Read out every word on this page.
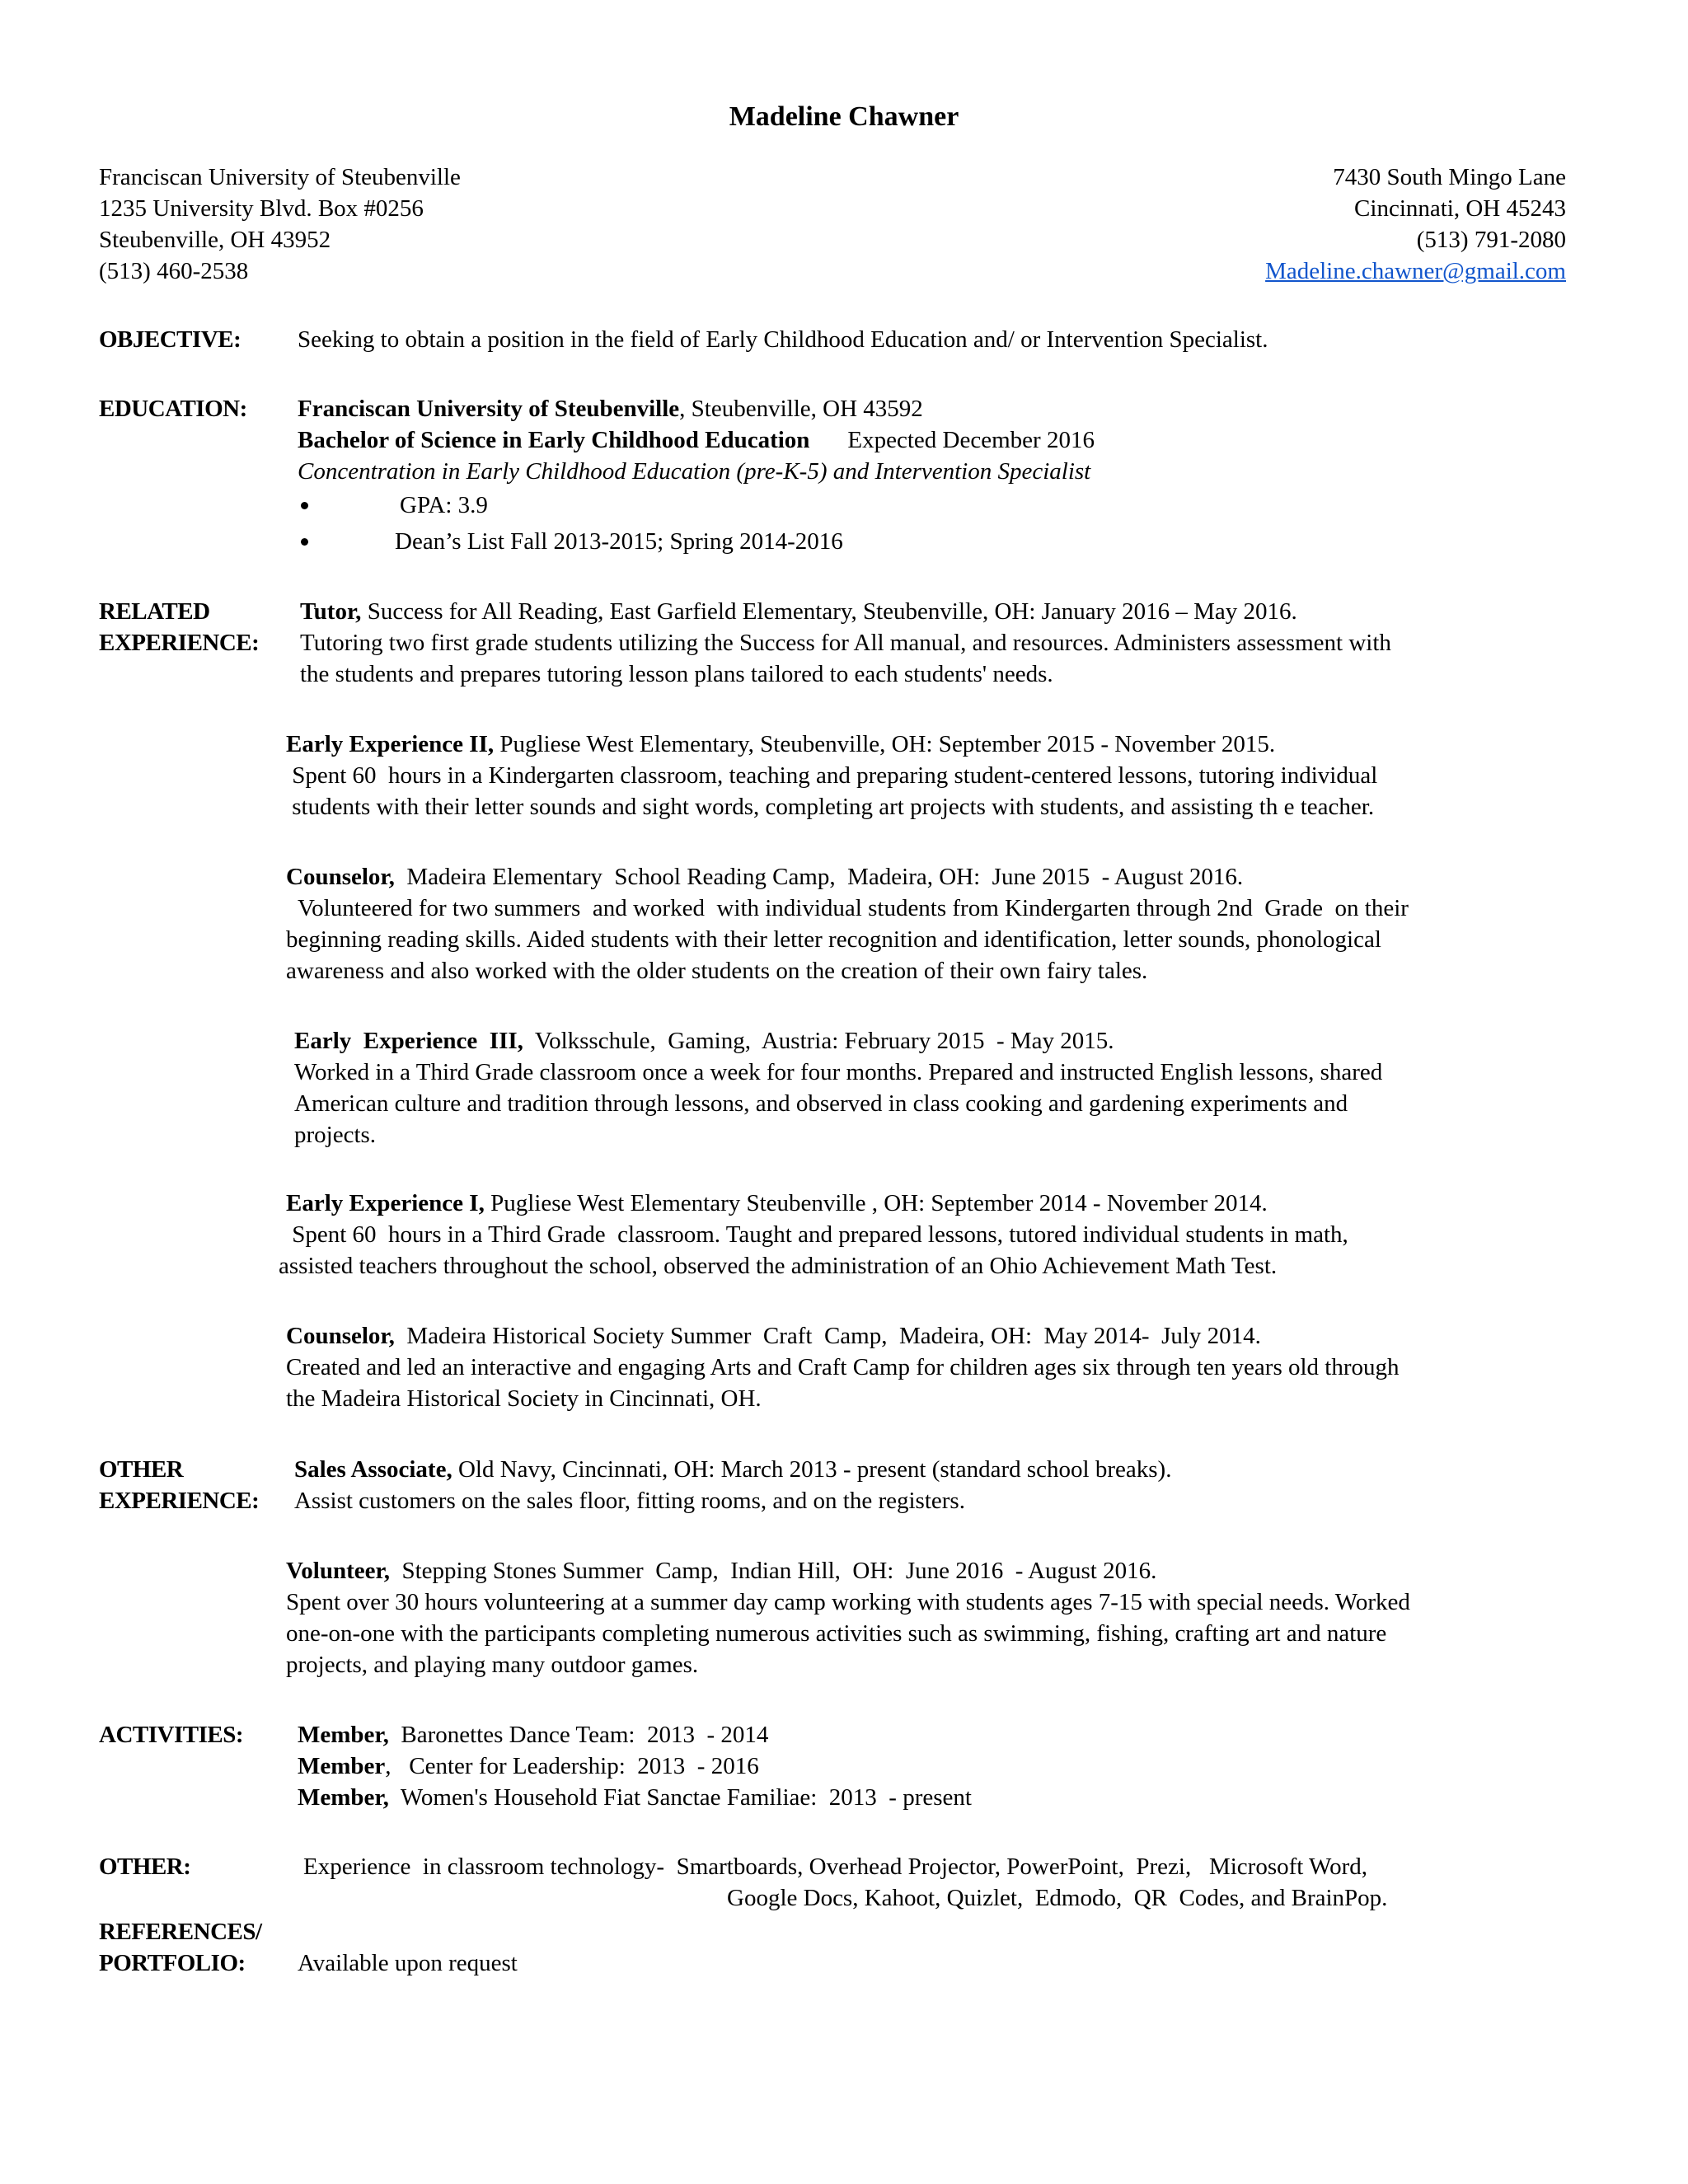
Madeline Chawner
Franciscan University of Steubenville
1235 University Blvd. Box #0256
Steubenville, OH 43952
(513) 460-2538
7430 South Mingo Lane
Cincinnati, OH 45243
(513) 791-2080
Madeline.chawner@gmail.com
OBJECTIVE: Seeking to obtain a position in the field of Early Childhood Education and/ or Intervention Specialist.
EDUCATION: Franciscan University of Steubenville, Steubenville, OH 43592
Bachelor of Science in Early Childhood Education Expected December 2016
Concentration in Early Childhood Education (pre-K-5) and Intervention Specialist
GPA: 3.9
Dean’s List Fall 2013-2015; Spring 2014-2016
RELATED
EXPERIENCE:
Tutor, Success for All Reading, East Garfield Elementary, Steubenville, OH: January 2016 – May 2016.
Tutoring two first grade students utilizing the Success for All manual, and resources. Administers assessment with
the students and prepares tutoring lesson plans tailored to each students' needs.
Early Experience II, Pugliese West Elementary, Steubenville, OH: September 2015 - November 2015.
Spent 60  hours in a Kindergarten classroom, teaching and preparing student-centered lessons, tutoring individual
students with their letter sounds and sight words, completing art projects with students, and assisting th e teacher.
Counselor,  Madeira Elementary  School Reading Camp,  Madeira, OH:  June 2015  - August 2016.
Volunteered for two summers  and worked  with individual students from Kindergarten through 2nd  Grade  on their
beginning reading skills. Aided students with their letter recognition and identification, letter sounds, phonological
awareness and also worked with the older students on the creation of their own fairy tales.
Early  Experience  III,  Volksschule,  Gaming,  Austria: February 2015  - May 2015.
Worked in a Third Grade classroom once a week for four months. Prepared and instructed English lessons, shared
American culture and tradition through lessons, and observed in class cooking and gardening experiments and
projects.
Early Experience I, Pugliese West Elementary Steubenville , OH: September 2014 - November 2014.
Spent 60  hours in a Third Grade  classroom. Taught and prepared lessons, tutored individual students in math,
assisted teachers throughout the school, observed the administration of an Ohio Achievement Math Test.
Counselor,  Madeira Historical Society Summer  Craft  Camp,  Madeira, OH:  May 2014-  July 2014.
Created and led an interactive and engaging Arts and Craft Camp for children ages six through ten years old through
the Madeira Historical Society in Cincinnati, OH.
OTHER
EXPERIENCE:
Sales Associate, Old Navy, Cincinnati, OH: March 2013 - present (standard school breaks).
Assist customers on the sales floor, fitting rooms, and on the registers.
Volunteer,  Stepping Stones Summer  Camp,  Indian Hill,  OH:  June 2016  - August 2016.
Spent over 30 hours volunteering at a summer day camp working with students ages 7-15 with special needs. Worked
one-on-one with the participants completing numerous activities such as swimming, fishing, crafting art and nature
projects, and playing many outdoor games.
ACTIVITIES: Member,  Baronettes Dance Team:  2013  - 2014
Member,   Center for Leadership:  2013  - 2016
Member,  Women's Household Fiat Sanctae Familiae:  2013  - present
OTHER:	Experience  in classroom technology-  Smartboards, Overhead Projector, PowerPoint,  Prezi,   Microsoft Word,
Google Docs, Kahoot, Quizlet,  Edmodo,  QR  Codes, and BrainPop.
REFERENCES/
PORTFOLIO:	Available upon request
